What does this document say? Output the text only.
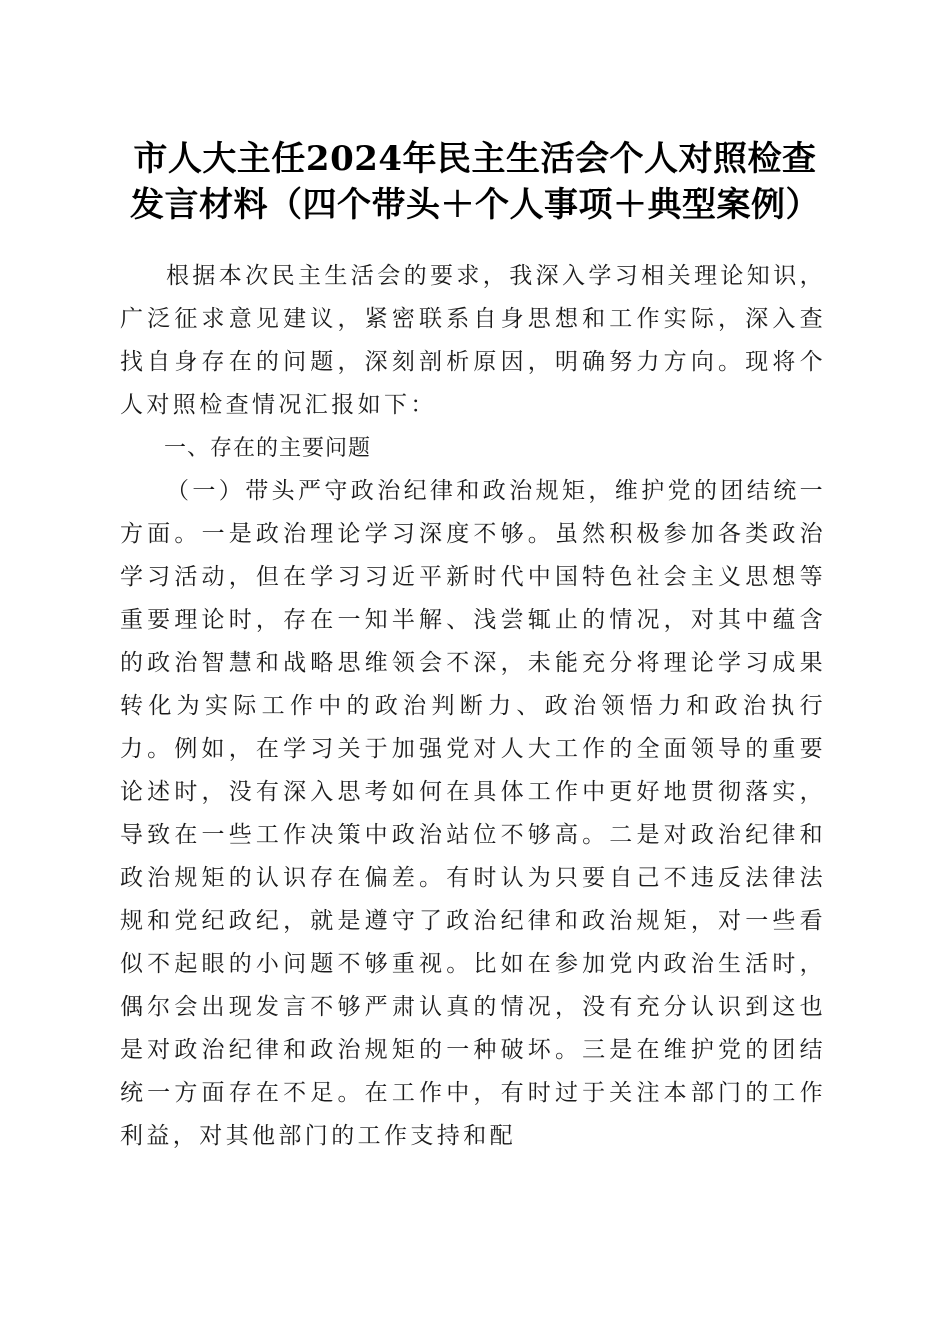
市人大主任2024年民主生活会个人对照检查
发言材料（四个带头＋个人事项＋典型案例）

根据本次民主生活会的要求，我深入学习相关理论知识，广泛征求意见建议，紧密联系自身思想和工作实际，深入查找自身存在的问题，深刻剖析原因，明确努力方向。现将个人对照检查情况汇报如下：

一、存在的主要问题

（一）带头严守政治纪律和政治规矩，维护党的团结统一方面。一是政治理论学习深度不够。虽然积极参加各类政治学习活动，但在学习习近平新时代中国特色社会主义思想等重要理论时，存在一知半解、浅尝辄止的情况，对其中蕴含的政治智慧和战略思维领会不深，未能充分将理论学习成果转化为实际工作中的政治判断力、政治领悟力和政治执行力。例如，在学习关于加强党对人大工作的全面领导的重要论述时，没有深入思考如何在具体工作中更好地贯彻落实，导致在一些工作决策中政治站位不够高。二是对政治纪律和政治规矩的认识存在偏差。有时认为只要自己不违反法律法规和党纪政纪，就是遵守了政治纪律和政治规矩，对一些看似不起眼的小问题不够重视。比如在参加党内政治生活时，偶尔会出现发言不够严肃认真的情况，没有充分认识到这也是对政治纪律和政治规矩的一种破坏。三是在维护党的团结统一方面存在不足。在工作中，有时过于关注本部门的工作利益，对其他部门的工作支持和配
